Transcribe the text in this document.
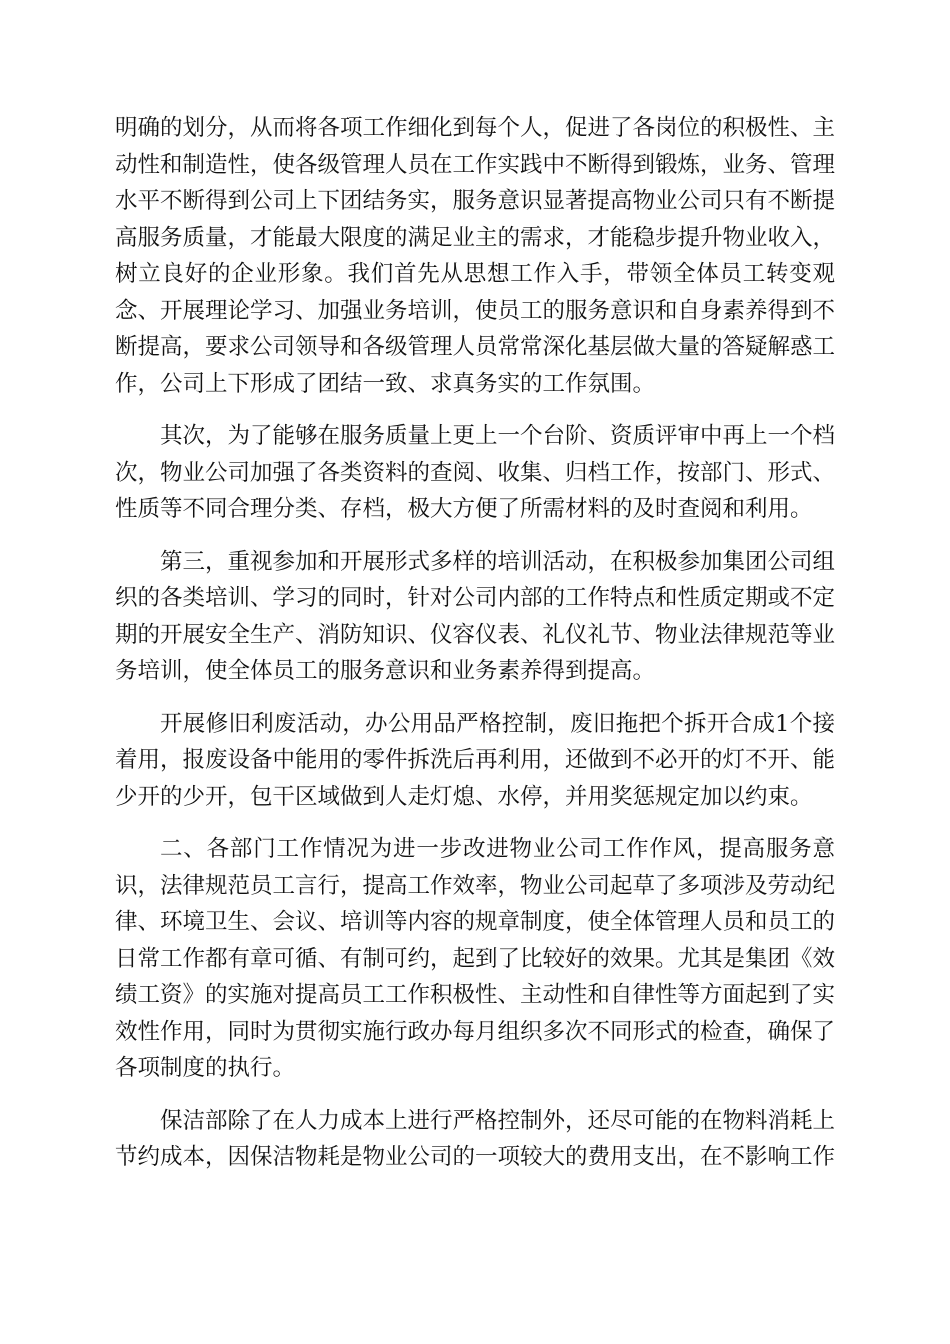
明确的划分，从而将各项工作细化到每个人，促进了各岗位的积极性、主动性和制造性，使各级管理人员在工作实践中不断得到锻炼，业务、管理水平不断得到公司上下团结务实，服务意识显著提高物业公司只有不断提高服务质量，才能最大限度的满足业主的需求，才能稳步提升物业收入，树立良好的企业形象。我们首先从思想工作入手，带领全体员工转变观念、开展理论学习、加强业务培训，使员工的服务意识和自身素养得到不断提高，要求公司领导和各级管理人员常常深化基层做大量的答疑解惑工作，公司上下形成了团结一致、求真务实的工作氛围。

其次，为了能够在服务质量上更上一个台阶、资质评审中再上一个档次，物业公司加强了各类资料的查阅、收集、归档工作，按部门、形式、性质等不同合理分类、存档，极大方便了所需材料的及时查阅和利用。

第三，重视参加和开展形式多样的培训活动，在积极参加集团公司组织的各类培训、学习的同时，针对公司内部的工作特点和性质定期或不定期的开展安全生产、消防知识、仪容仪表、礼仪礼节、物业法律规范等业务培训，使全体员工的服务意识和业务素养得到提高。

开展修旧利废活动，办公用品严格控制，废旧拖把个拆开合成1个接着用，报废设备中能用的零件拆洗后再利用，还做到不必开的灯不开、能少开的少开，包干区域做到人走灯熄、水停，并用奖惩规定加以约束。

二、各部门工作情况为进一步改进物业公司工作作风，提高服务意识，法律规范员工言行，提高工作效率，物业公司起草了多项涉及劳动纪律、环境卫生、会议、培训等内容的规章制度，使全体管理人员和员工的日常工作都有章可循、有制可约，起到了比较好的效果。尤其是集团《效绩工资》的实施对提高员工工作积极性、主动性和自律性等方面起到了实效性作用，同时为贯彻实施行政办每月组织多次不同形式的检查，确保了各项制度的执行。

保洁部除了在人力成本上进行严格控制外，还尽可能的在物料消耗上节约成本，因保洁物耗是物业公司的一项较大的费用支出，在不影响工作
